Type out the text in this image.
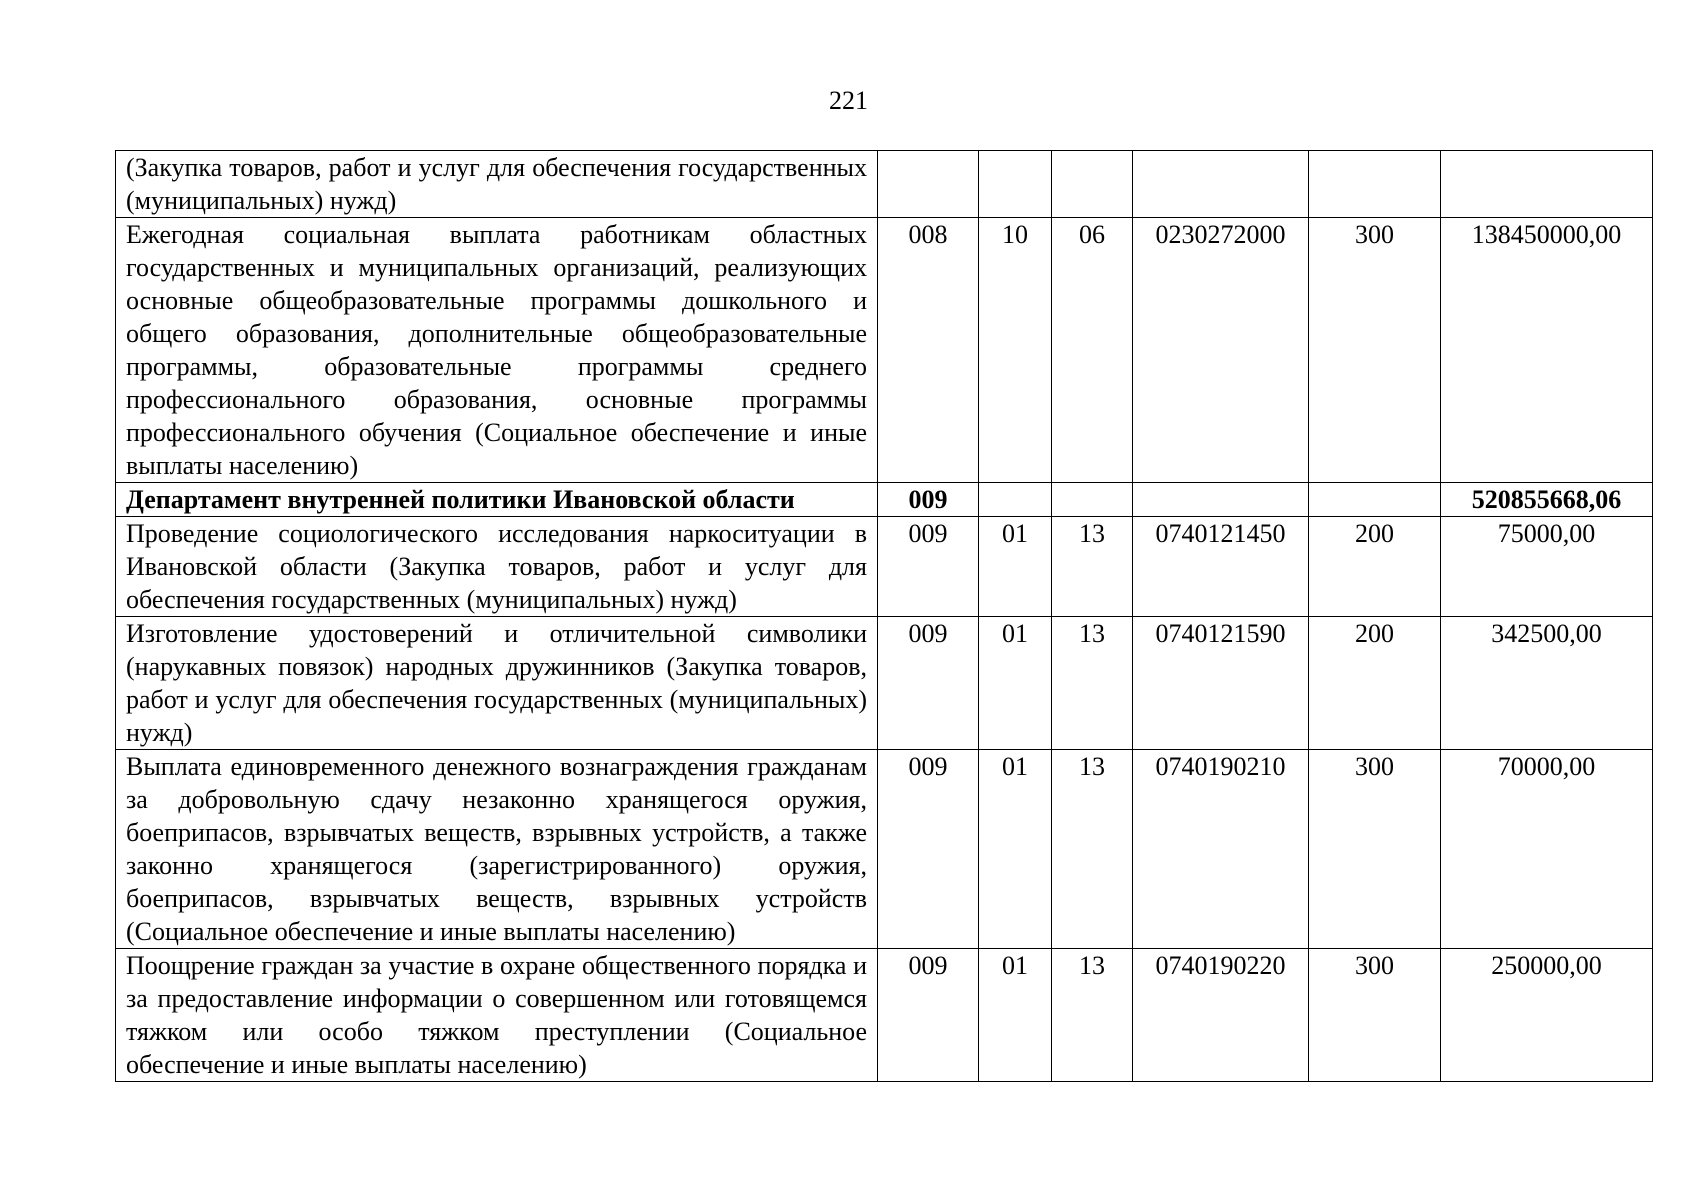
221
(Закупка товаров, работ и услуг для обеспечения государственных (муниципальных) нужд)						
Ежегодная социальная выплата работникам областных государственных и муниципальных организаций, реализующих основные общеобразовательные программы дошкольного и общего образования, дополнительные общеобразовательные программы, образовательные программы среднего профессионального образования, основные программы профессионального обучения (Социальное обеспечение и иные выплаты населению)	008	10	06	0230272000	300	138450000,00
Департамент внутренней политики Ивановской области	009					520855668,06
Проведение социологического исследования наркоситуации в Ивановской области (Закупка товаров, работ и услуг для обеспечения государственных (муниципальных) нужд)	009	01	13	0740121450	200	75000,00
Изготовление удостоверений и отличительной символики (нарукавных повязок) народных дружинников (Закупка товаров, работ и услуг для обеспечения государственных (муниципальных) нужд)	009	01	13	0740121590	200	342500,00
Выплата единовременного денежного вознаграждения гражданам за добровольную сдачу незаконно хранящегося оружия, боеприпасов, взрывчатых веществ, взрывных устройств, а также законно хранящегося (зарегистрированного) оружия, боеприпасов, взрывчатых веществ, взрывных устройств (Социальное обеспечение и иные выплаты населению)	009	01	13	0740190210	300	70000,00
Поощрение граждан за участие в охране общественного порядка и за предоставление информации о совершенном или готовящемся тяжком или особо тяжком преступлении (Социальное обеспечение и иные выплаты населению)	009	01	13	0740190220	300	250000,00
